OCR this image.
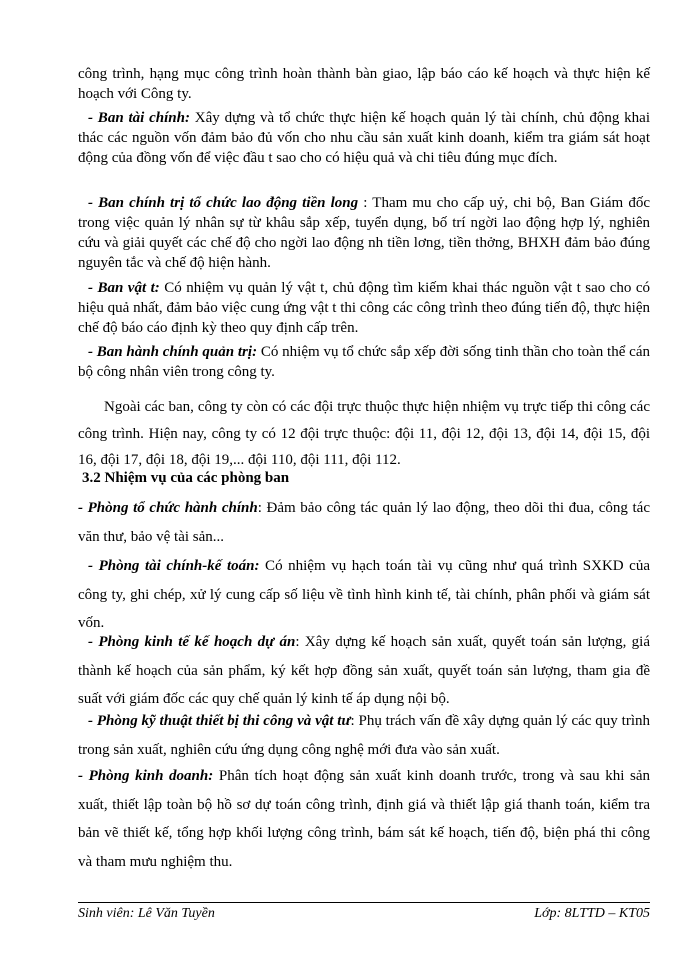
công trình, hạng mục công trình hoàn thành bàn giao, lập báo cáo kế hoạch và thực hiện kế hoạch với Công ty.

- Ban tài chính: Xây dựng và tổ chức thực hiện kế hoạch quản lý tài chính, chủ động khai thác các nguồn vốn đảm bảo đủ vốn cho nhu cầu sản xuất kinh doanh, kiểm tra giám sát hoạt động của đồng vốn để việc đầu t sao cho có hiệu quả và chi tiêu đúng mục đích.

- Ban chính trị tổ chức lao động tiền long : Tham mu cho cấp uỷ, chi bộ, Ban Giám đốc trong việc quản lý nhân sự từ khâu sắp xếp, tuyển dụng, bố trí ngời lao động hợp lý, nghiên cứu và giải quyết các chế độ cho ngời lao động nh tiền lơng, tiền thởng, BHXH đảm bảo đúng nguyên tắc và chế độ hiện hành.

- Ban vật t: Có nhiệm vụ quản lý vật t, chủ động tìm kiếm khai thác nguồn vật t sao cho có hiệu quả nhất, đảm bảo việc cung ứng vật t thi công các công trình theo đúng tiến độ, thực hiện chế độ báo cáo định kỳ theo quy định cấp trên.

- Ban hành chính quản trị: Có nhiệm vụ tổ chức sắp xếp đời sống tinh thần cho toàn thể cán bộ công nhân viên trong công ty.

Ngoài các ban, công ty còn có các đội trực thuộc thực hiện nhiệm vụ trực tiếp thi công các công trình. Hiện nay, công ty có 12 đội trực thuộc: đội 11, đội 12, đội 13, đội 14, đội 15, đội 16, đội 17, đội 18, đội 19,... đội 110, đội 111, đội 112.

3.2 Nhiệm vụ của các phòng ban

- Phòng tổ chức hành chính: Đảm bảo công tác quản lý lao động, theo dõi thi đua, công tác văn thư, bảo vệ tài sản...

- Phòng tài chính-kế toán: Có nhiệm vụ hạch toán tài vụ cũng như quá trình SXKD của công ty, ghi chép, xử lý cung cấp số liệu về tình hình kinh tế, tài chính, phân phối và giám sát vốn.

- Phòng kinh tế kế hoạch dự án: Xây dựng kế hoạch sản xuất, quyết toán sản lượng, giá thành kế hoạch của sản phẩm, ký kết hợp đồng sản xuất, quyết toán sản lượng, tham gia đề suất với giám đốc các quy chế quản lý kinh tế áp dụng nội bộ.

- Phòng kỹ thuật thiết bị thi công và vật tư: Phụ trách vấn đề xây dựng quản lý các quy trình trong sản xuất, nghiên cứu ứng dụng công nghệ mới đưa vào sản xuất.

- Phòng kinh doanh: Phân tích hoạt động sản xuất kinh doanh trước, trong và sau khi sản xuất, thiết lập toàn bộ hồ sơ dự toán công trình, định giá và thiết lập giá thanh toán, kiểm tra bản vẽ thiết kế, tổng hợp khối lượng công trình, bám sát kế hoạch, tiến độ, biện phá thi công và tham mưu nghiệm thu.

Sinh viên: Lê Văn Tuyền	Lớp: 8LTTD – KT05
